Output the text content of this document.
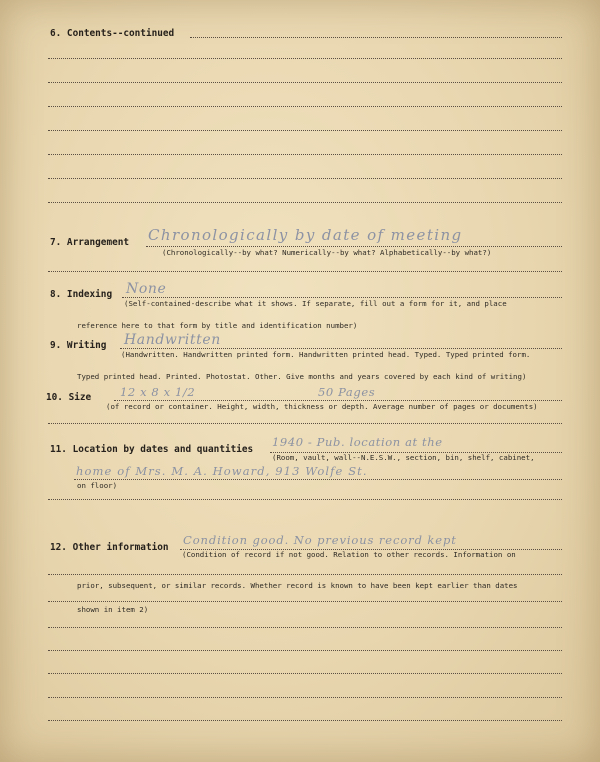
6. Contents--continued
7. Arrangement Chronologically by date of meeting
(Chronologically--by what? Numerically--by what? Alphabetically--by what?)
8. Indexing None
(Self-contained-describe what it shows. If separate, fill out a form for it, and place
reference here to that form by title and identification number)
9. Writing Handwritten
(Handwritten. Handwritten printed form. Handwritten printed head. Typed. Typed printed form.
Typed printed head. Printed. Photostat. Other. Give months and years covered by each kind of writing)
10. Size	12 x 8 x 1/2	50 Pages
(of record or container. Height, width, thickness or depth. Average number of pages or documents)
11. Location by dates and quantities
1940 - Pub. location at the
(Room, vault, wall--N.E.S.W., section, bin, shelf, cabinet,
home of Mrs. M. A. Howard, 913 Wolfe St.
on floor)
12. Other information
Condition good. No previous record kept
(Condition of record if not good. Relation to other records. Information on
prior, subsequent, or similar records. Whether record is known to have been kept earlier than dates
shown in item 2)
